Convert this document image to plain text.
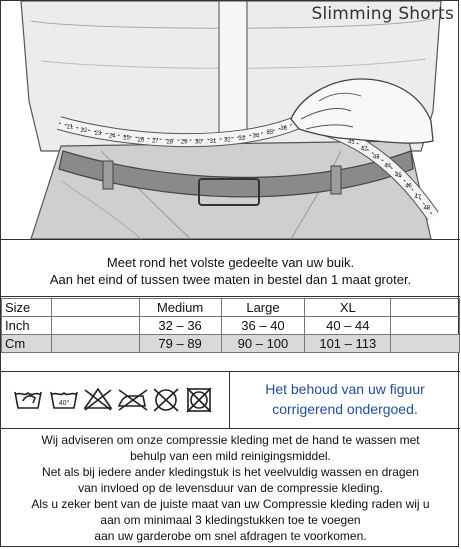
21
22 23 24 25 26 27 28 29 30 31 32 33 34
35
36
41
42
43
44
45
46
47
48
Slimming Shorts
Meet rond het volste gedeelte van uw buik.
Aan het eind of tussen twee maten in bestel dan 1 maat groter.
Size		Medium	Large	XL	
Inch		32 – 36	36 – 40	40 – 44	
Cm		79 – 89	90 – 100	101 – 113	
40°
Het behoud van uw figuur
corrigerend ondergoed.

Wij adviseren om onze compressie kleding met de hand te wassen met

behulp van een mild reinigingsmiddel.

Net als bij iedere ander kledingstuk is het veelvuldig wassen en dragen

van invloed op de levensduur van de compressie kleding.

Als u zeker bent van de juiste maat van uw Compressie kleding raden wij u

aan om minimaal 3 kledingstukken toe te voegen

aan uw garderobe om snel afdragen te voorkomen.
